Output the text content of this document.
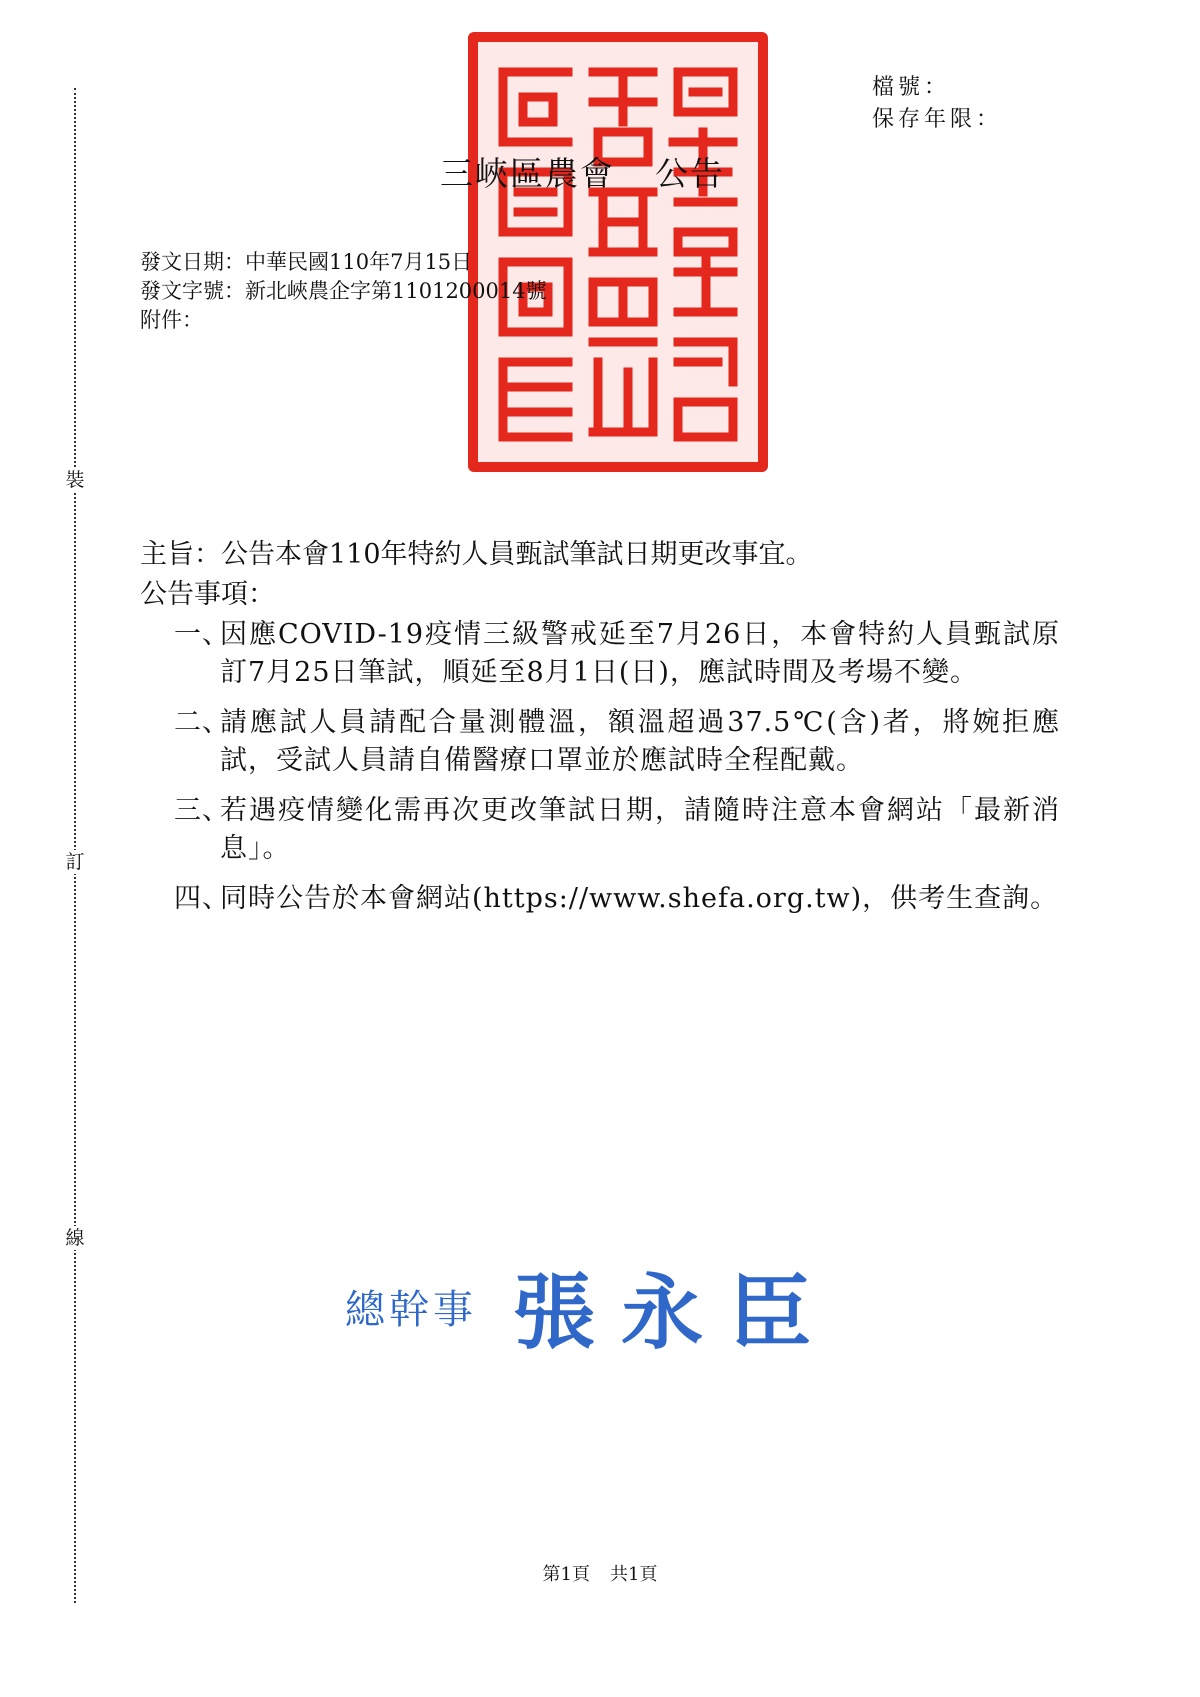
裝
訂
線
檔號：
保存年限：
三峽區農會 公告
發文日期：中華民國110年7月15日
發文字號：新北峽農企字第1101200014號
附件：
主旨：公告本會110年特約人員甄試筆試日期更改事宜。
公告事項：
一、
因應COVID-19疫情三級警戒延至7月26日，本會特約人員甄試原訂7月25日筆試，順延至8月1日(日)，應試時間及考場不變。
二、
請應試人員請配合量測體溫，額溫超過37.5℃(含)者，將婉拒應試，受試人員請自備醫療口罩並於應試時全程配戴。
三、
若遇疫情變化需再次更改筆試日期，請隨時注意本會網站「最新消息」。
四、
同時公告於本會網站(https://www.shefa.org.tw)，供考生查詢。
總幹事 張永臣
第1頁 共1頁
